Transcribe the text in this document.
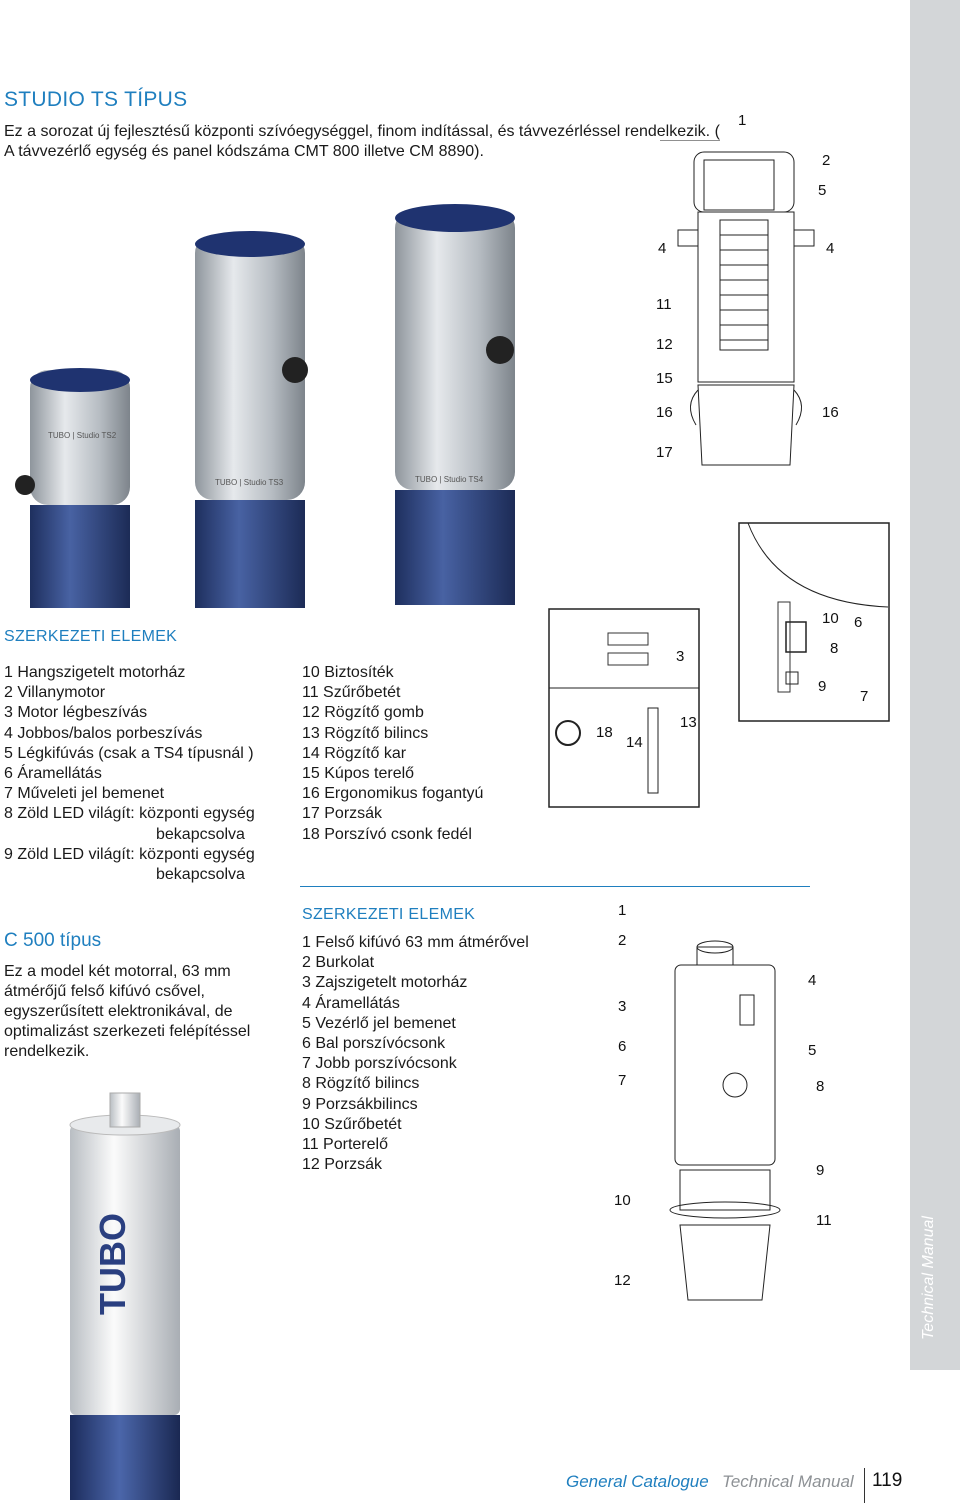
STUDIO TS TÍPUS
Ez a sorozat új fejlesztésű központi szívóegységgel, finom indítással, és távvezérléssel rendelkezik. ( A távvezérlő egység és panel kódszáma CMT 800 illetve CM 8890).
TUBO | Studio TS4
TUBO | Studio TS3
TUBO | Studio TS2
1
2
5
4	4
11
12
15
16	16
17
SZERKEZETI ELEMEK
1 Hangszigetelt motorház
2 Villanymotor
3 Motor légbeszívás
4 Jobbos/balos porbeszívás
5 Légkifúvás (csak a TS4 típusnál )
6 Áramellátás
7 Műveleti jel bemenet
8 Zöld LED világít: központi egység
bekapcsolva
9 Zöld LED világít: központi egység
bekapcsolva
10 Biztosíték
11 Szűrőbetét
12 Rögzítő gomb
13 Rögzítő bilincs
14 Rögzítő kar
15 Kúpos terelő
16 Ergonomikus fogantyú
17 Porzsák
18 Porszívó csonk fedél
3
18
14
13
10 6
8
9
7
C 500 típus
Ez a model két motorral, 63 mm átmérőjű felső kifúvó csővel, egyszerűsített elektronikával, de optimalizást szerkezeti felépítéssel rendelkezik.
SZERKEZETI ELEMEK
1 Felső kifúvó 63 mm átmérővel
2 Burkolat
3 Zajszigetelt motorház
4 Áramellátás
5 Vezérlő jel bemenet
6 Bal porszívócsonk
7 Jobb porszívócsonk
8 Rögzítő bilincs
9 Porzsákbilincs
10 Szűrőbetét
11 Porterelő
12 Porzsák
TUBO
1
2
3
6
7
10
12
4
5
8
9
11	Technical Manual
General Catalogue Technical Manual 119
